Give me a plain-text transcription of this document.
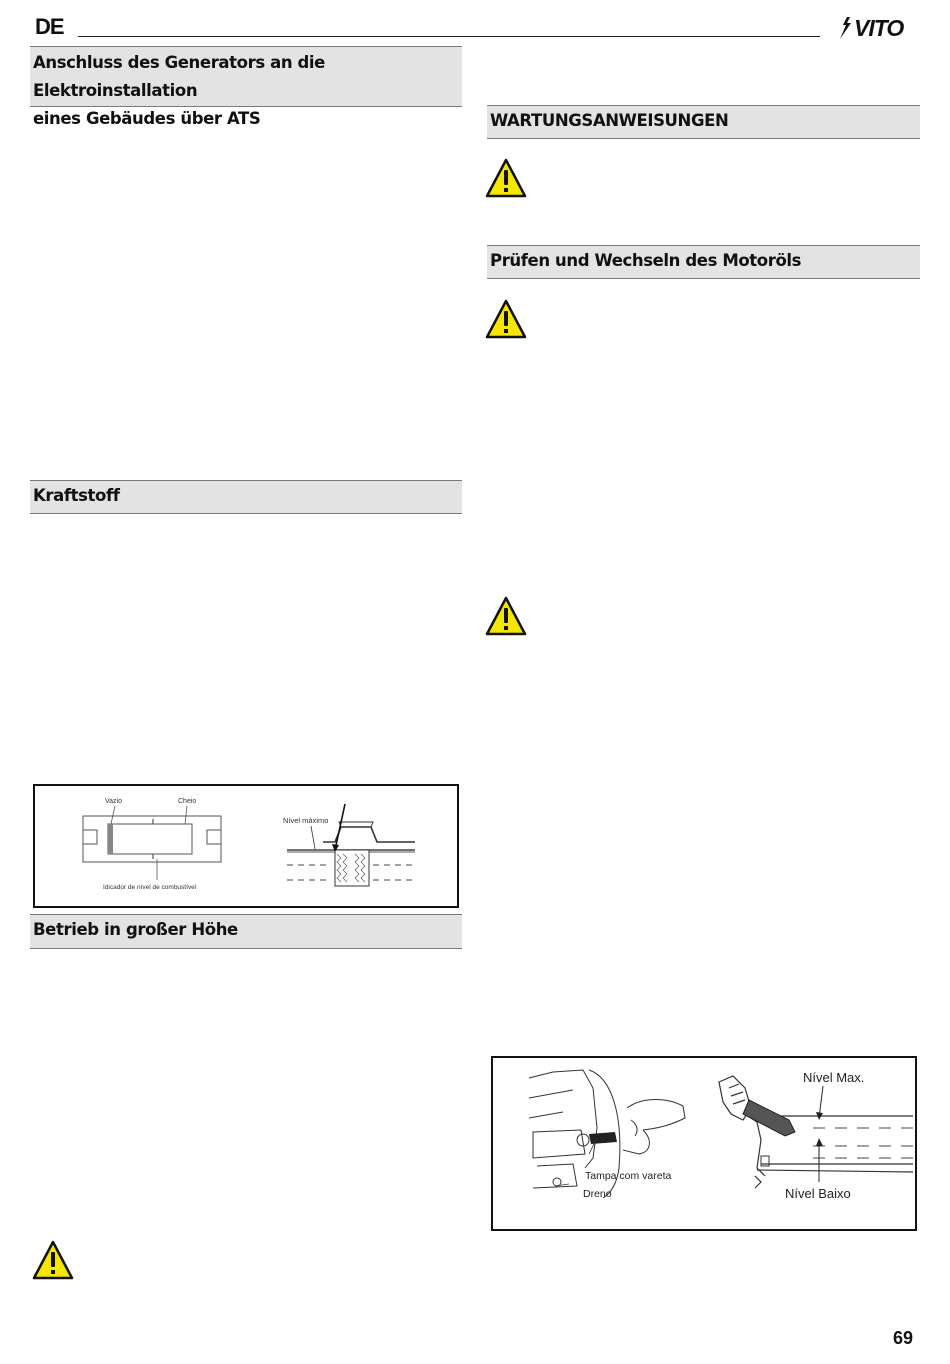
DE	VITO
Anschluss des Generators an die Elektroinstallation
eines Gebäudes über ATS
Kraftstoff
Vazio	Cheio
Idicador de nível de combustível
Nível máximo
Betrieb in großer Höhe
WARTUNGSANWEISUNGEN
Prüfen und Wechseln des Motoröls
Tampa com vareta
Dreno
Nível Max.
Nível Baixo
69
